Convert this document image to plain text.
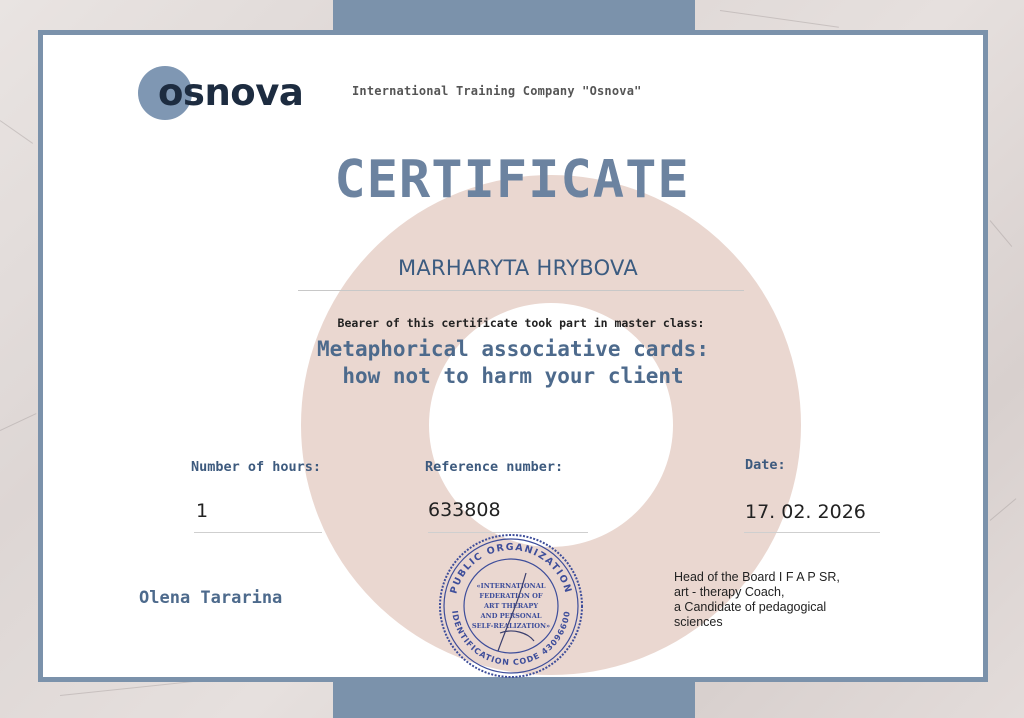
osnova	International Training Company "Osnova"
CERTIFICATE
MARHARYTA HRYBOVA
Bearer of this certificate took part in master class:
Metaphorical associative cards:
how not to harm your client
Number of hours:
1
Reference number:
633808
Date:
17. 02. 2026
Olena Tararina
Head of the Board I F A P SR,
art - therapy Coach,
a Candidate of pedagogical
sciences
PUBLIC ORGANIZATION
IDENTIFICATION CODE 43096600
«INTERNATIONAL
FEDERATION OF
ART THERAPY
AND PERSONAL
SELF-REALIZATION»
